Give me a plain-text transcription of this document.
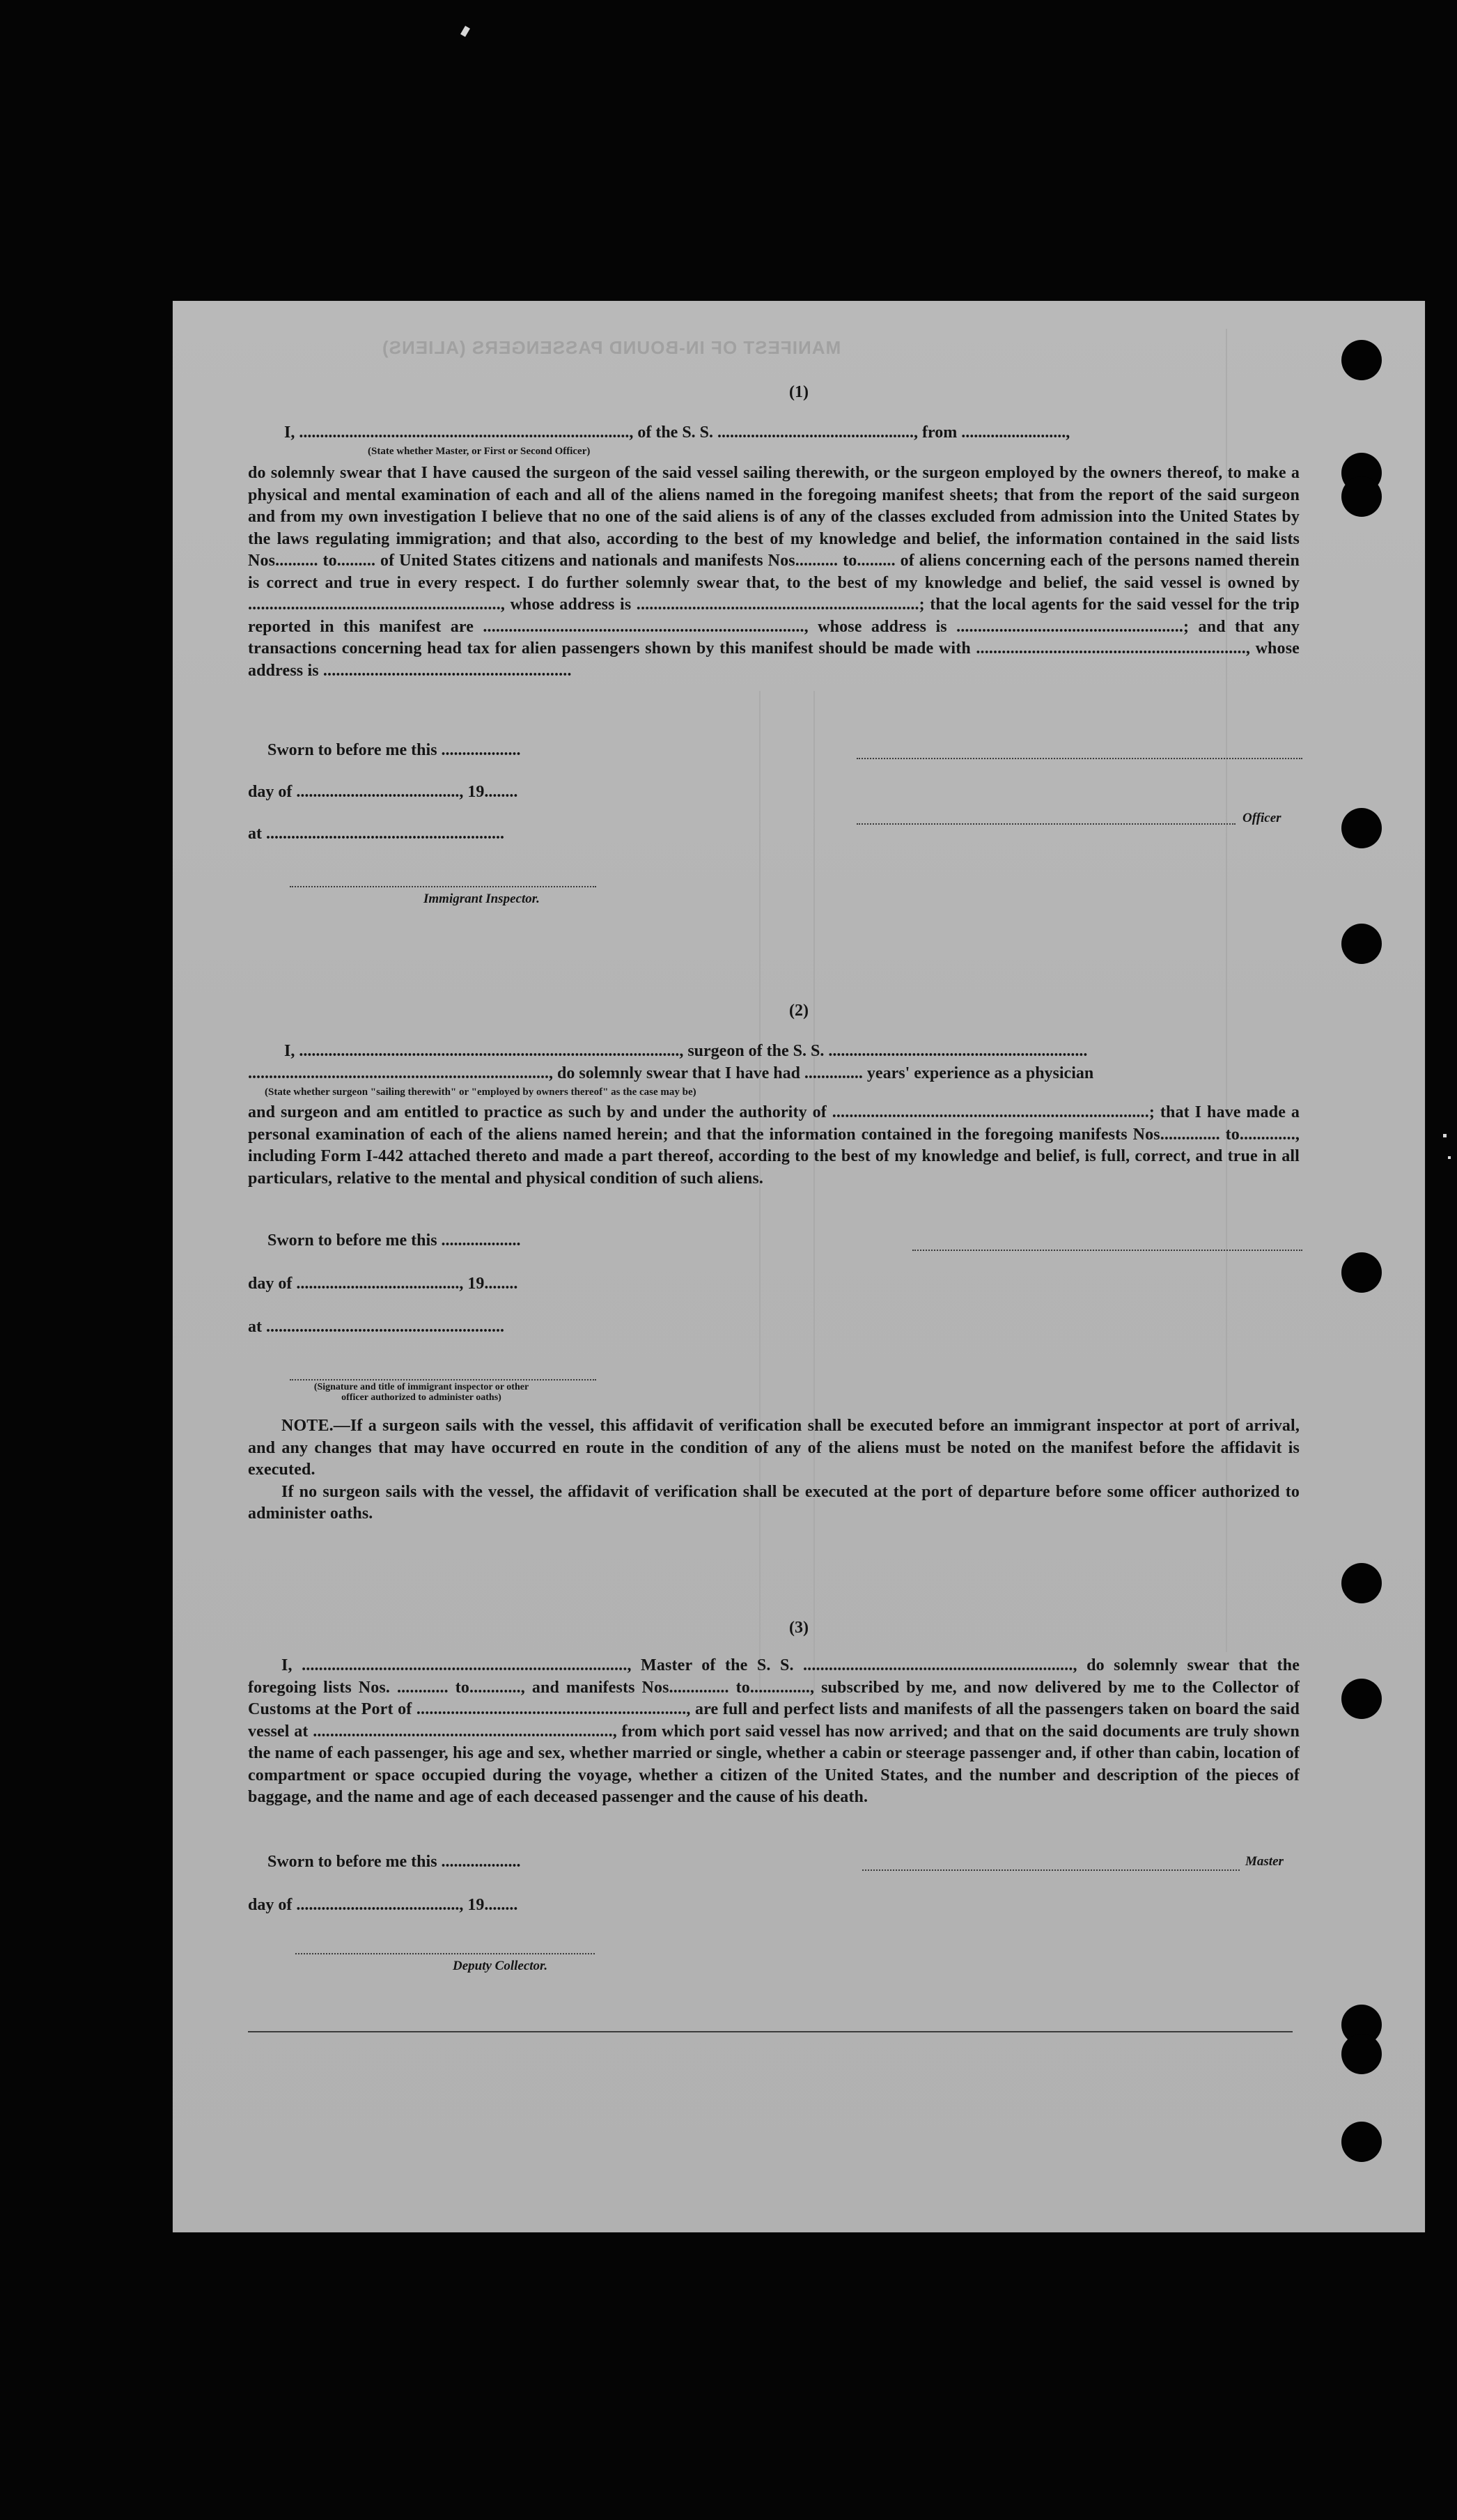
MANIFEST OF IN-BOUND PASSENGERS (ALIENS)
(1)
I, ..............................................................................., of the S. S. ..............................................., from .........................,
(State whether Master, or First or Second Officer)

do solemnly swear that I have caused the surgeon of the said vessel sailing therewith, or the surgeon employed by the owners thereof, to make a physical and mental examination of each and all of the aliens named in the foregoing manifest sheets; that from the report of the said surgeon and from my own investigation I believe that no one of the said aliens is of any of the classes excluded from admission into the United States by the laws regulating immigration; and that also, according to the best of my knowledge and belief, the information contained in the said lists Nos.......... to......... of United States citizens and nationals and manifests Nos.......... to......... of aliens concerning each of the persons named therein is correct and true in every respect. I do further solemnly swear that, to the best of my knowledge and belief, the said vessel is owned by ..........................................................., whose address is ..................................................................; that the local agents for the said vessel for the trip reported in this manifest are ..........................................................................., whose address is .....................................................; and that any transactions concerning head tax for alien passengers shown by this manifest should be made with ..............................................................., whose address is ..........................................................

Sworn to before me this ...................
day of ......................................., 19........
at .........................................................
Immigrant Inspector.
Officer
(2)
I, ..........................................................................................., surgeon of the S. S. ..............................................................
........................................................................, do solemnly swear that I have had .............. years' experience as a physician
(State whether surgeon "sailing therewith" or "employed by owners thereof" as the case may be)

and surgeon and am entitled to practice as such by and under the authority of ..........................................................................; that I have made a personal examination of each of the aliens named herein; and that the information contained in the foregoing manifests Nos.............. to............., including Form I-442 attached thereto and made a part thereof, according to the best of my knowledge and belief, is full, correct, and true in all particulars, relative to the mental and physical condition of such aliens.

Sworn to before me this ...................
day of ......................................., 19........
at .........................................................
(Signature and title of immigrant inspector or other officer authorized to administer oaths)

NOTE.—If a surgeon sails with the vessel, this affidavit of verification shall be executed before an immigrant inspector at port of arrival, and any changes that may have occurred en route in the condition of any of the aliens must be noted on the manifest before the affidavit is executed.

If no surgeon sails with the vessel, the affidavit of verification shall be executed at the port of departure before some officer authorized to administer oaths.

(3)

I, ............................................................................, Master of the S. S. ..............................................................., do solemnly swear that the foregoing lists Nos. ............ to............, and manifests Nos.............. to.............., subscribed by me, and now delivered by me to the Collector of Customs at the Port of ..............................................................., are full and perfect lists and manifests of all the passengers taken on board the said vessel at ......................................................................, from which port said vessel has now arrived; and that on the said documents are truly shown the name of each passenger, his age and sex, whether married or single, whether a cabin or steerage passenger and, if other than cabin, location of compartment or space occupied during the voyage, whether a citizen of the United States, and the number and description of the pieces of baggage, and the name and age of each deceased passenger and the cause of his death.

Sworn to before me this ...................	Master
day of ......................................., 19........
Deputy Collector.
